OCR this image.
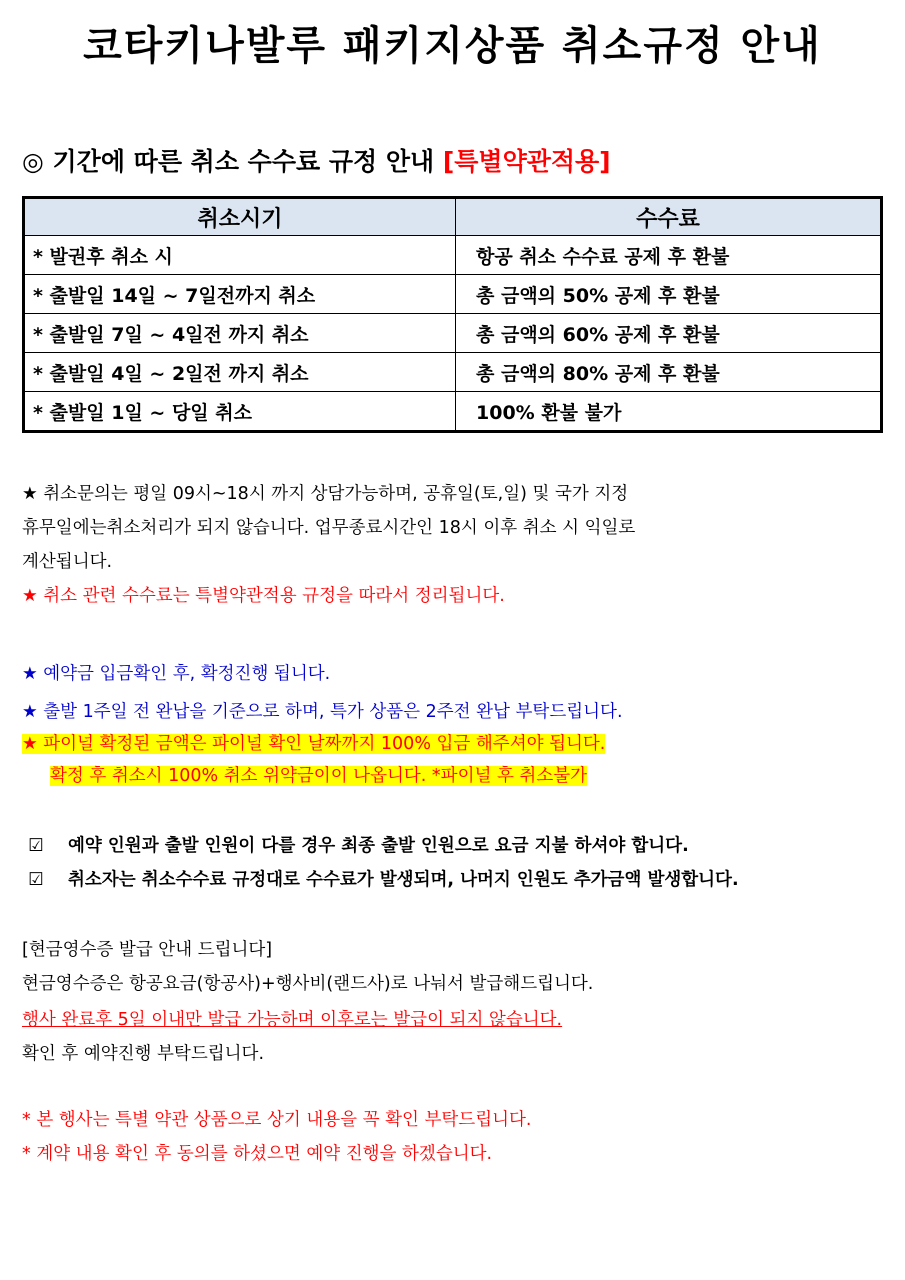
코타키나발루 패키지상품 취소규정 안내
◎ 기간에 따른 취소 수수료 규정 안내 [특별약관적용]
취소시기	수수료
* 발권후 취소 시	항공 취소 수수료 공제 후 환불
* 출발일 14일 ~ 7일전까지 취소	총 금액의 50% 공제 후 환불
* 출발일 7일 ~ 4일전 까지 취소	총 금액의 60% 공제 후 환불
* 출발일 4일 ~ 2일전 까지 취소	총 금액의 80% 공제 후 환불
* 출발일 1일 ~ 당일 취소	100% 환불 불가
★ 취소문의는 평일 09시~18시 까지 상담가능하며, 공휴일(토,일) 및 국가 지정
휴무일에는취소처리가 되지 않습니다. 업무종료시간인 18시 이후 취소 시 익일로
계산됩니다.
★ 취소 관련 수수료는 특별약관적용 규정을 따라서 정리됩니다.
★ 예약금 입금확인 후, 확정진행 됩니다.
★ 출발 1주일 전 완납을 기준으로 하며, 특가 상품은 2주전 완납 부탁드립니다.
★ 파이널 확정된 금액은 파이널 확인 날짜까지 100% 입금 해주셔야 됩니다.
확정 후 취소시 100% 취소 위약금이이 나옵니다. *파이널 후 취소불가
☑ 예약 인원과 출발 인원이 다를 경우 최종 출발 인원으로 요금 지불 하셔야 합니다.
☑ 취소자는 취소수수료 규정대로 수수료가 발생되며, 나머지 인원도 추가금액 발생합니다.
[현금영수증 발급 안내 드립니다]
현금영수증은 항공요금(항공사)+행사비(랜드사)로 나눠서 발급해드립니다.
행사 완료후 5일 이내만 발급 가능하며 이후로는 발급이 되지 않습니다.
확인 후 예약진행 부탁드립니다.
* 본 행사는 특별 약관 상품으로 상기 내용을 꼭 확인 부탁드립니다.
* 계약 내용 확인 후 동의를 하셨으면 예약 진행을 하겠습니다.
